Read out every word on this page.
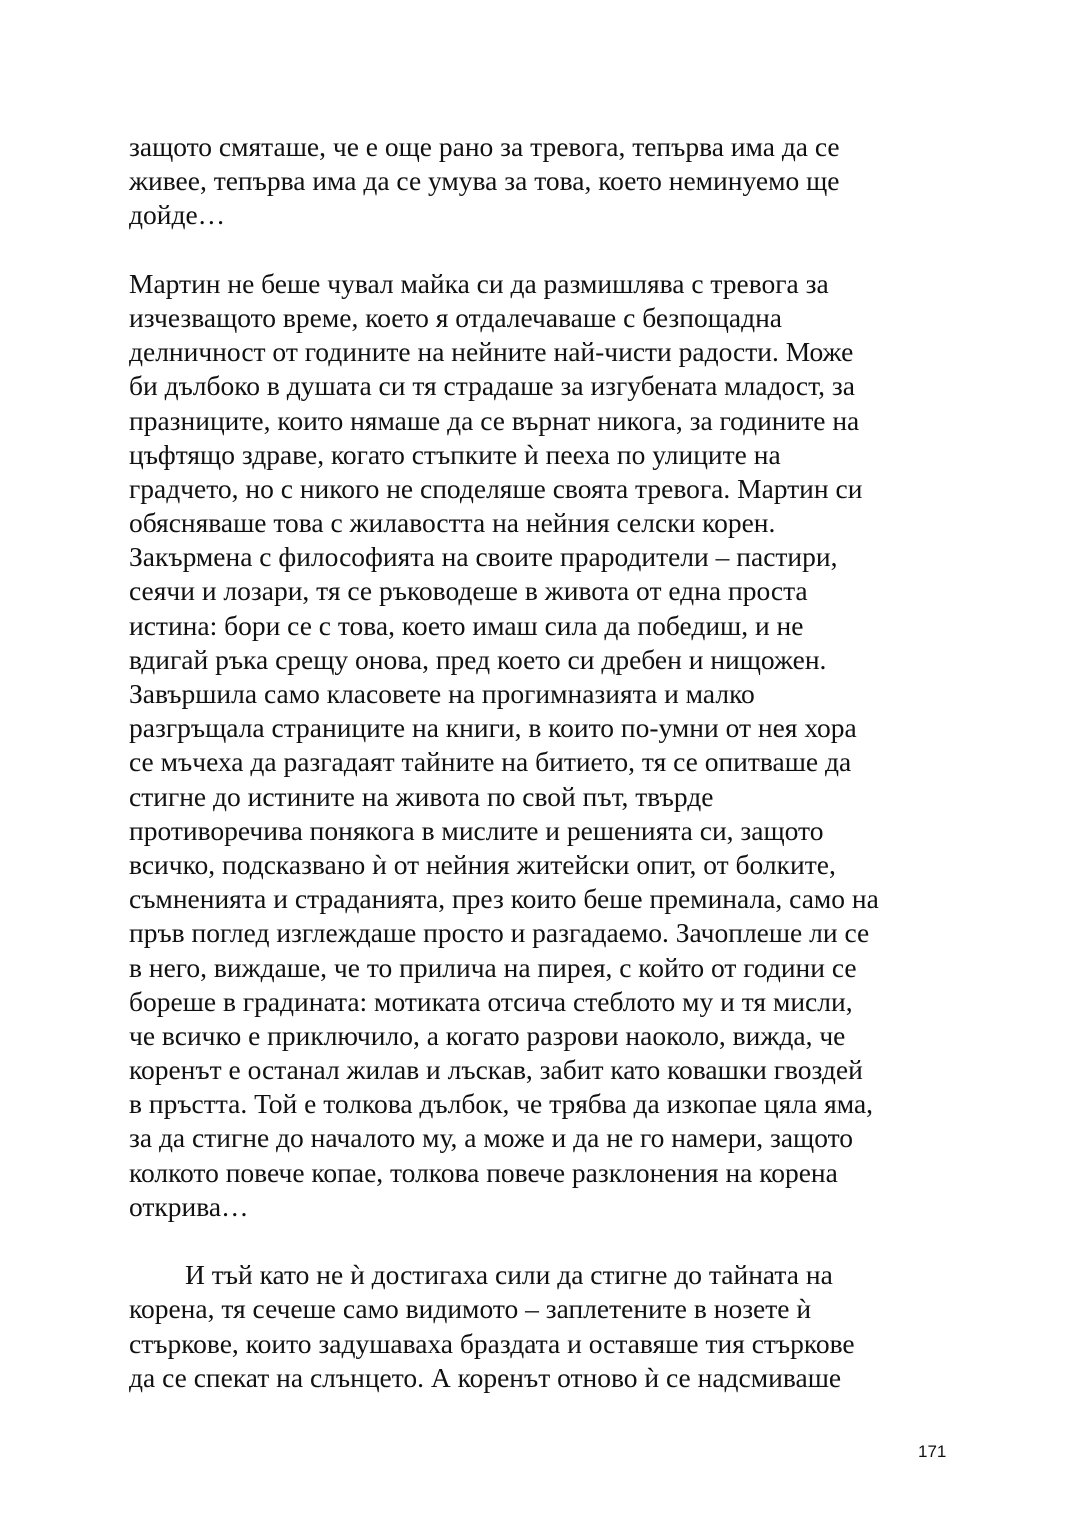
защото смяташе, че е още рано за тревога, тепърва има да се
живее, тепърва има да се умува за това, което неминуемо ще
дойде…
Мартин не беше чувал майка си да размишлява с тревога за
изчезващото време, което я отдалечаваше с безпощадна
делничност от годините на нейните най-чисти радости. Може
би дълбоко в душата си тя страдаше за изгубената младост, за
празниците, които нямаше да се върнат никога, за годините на
цъфтящо здраве, когато стъпките ѝ пееха по улиците на
градчето, но с никого не споделяше своята тревога. Мартин си
обясняваше това с жилавостта на нейния селски корен.
Закърмена с философията на своите прародители – пастири,
сеячи и лозари, тя се ръководеше в живота от една проста
истина: бори се с това, което имаш сила да победиш, и не
вдигай ръка срещу онова, пред което си дребен и нищожен.
Завършила само класовете на прогимназията и малко
разгръщала страниците на книги, в които по-умни от нея хора
се мъчеха да разгадаят тайните на битието, тя се опитваше да
стигне до истините на живота по свой път, твърде
противоречива понякога в мислите и решенията си, защото
всичко, подсказвано ѝ от нейния житейски опит, от болките,
съмненията и страданията, през които беше преминала, само на
пръв поглед изглеждаше просто и разгадаемо. Зачоплеше ли се
в него, виждаше, че то прилича на пирея, с който от години се
бореше в градината: мотиката отсича стеблото му и тя мисли,
че всичко е приключило, а когато разрови наоколо, вижда, че
коренът е останал жилав и лъскав, забит като ковашки гвоздей
в пръстта. Той е толкова дълбок, че трябва да изкопае цяла яма,
за да стигне до началото му, а може и да не го намери, защото
колкото повече копае, толкова повече разклонения на корена
открива…
И тъй като не ѝ достигаха сили да стигне до тайната на
корена, тя сечеше само видимото – заплетените в нозете ѝ
стъркове, които задушаваха браздата и оставяше тия стъркове
да се спекат на слънцето. А коренът отново ѝ се надсмиваше
171
